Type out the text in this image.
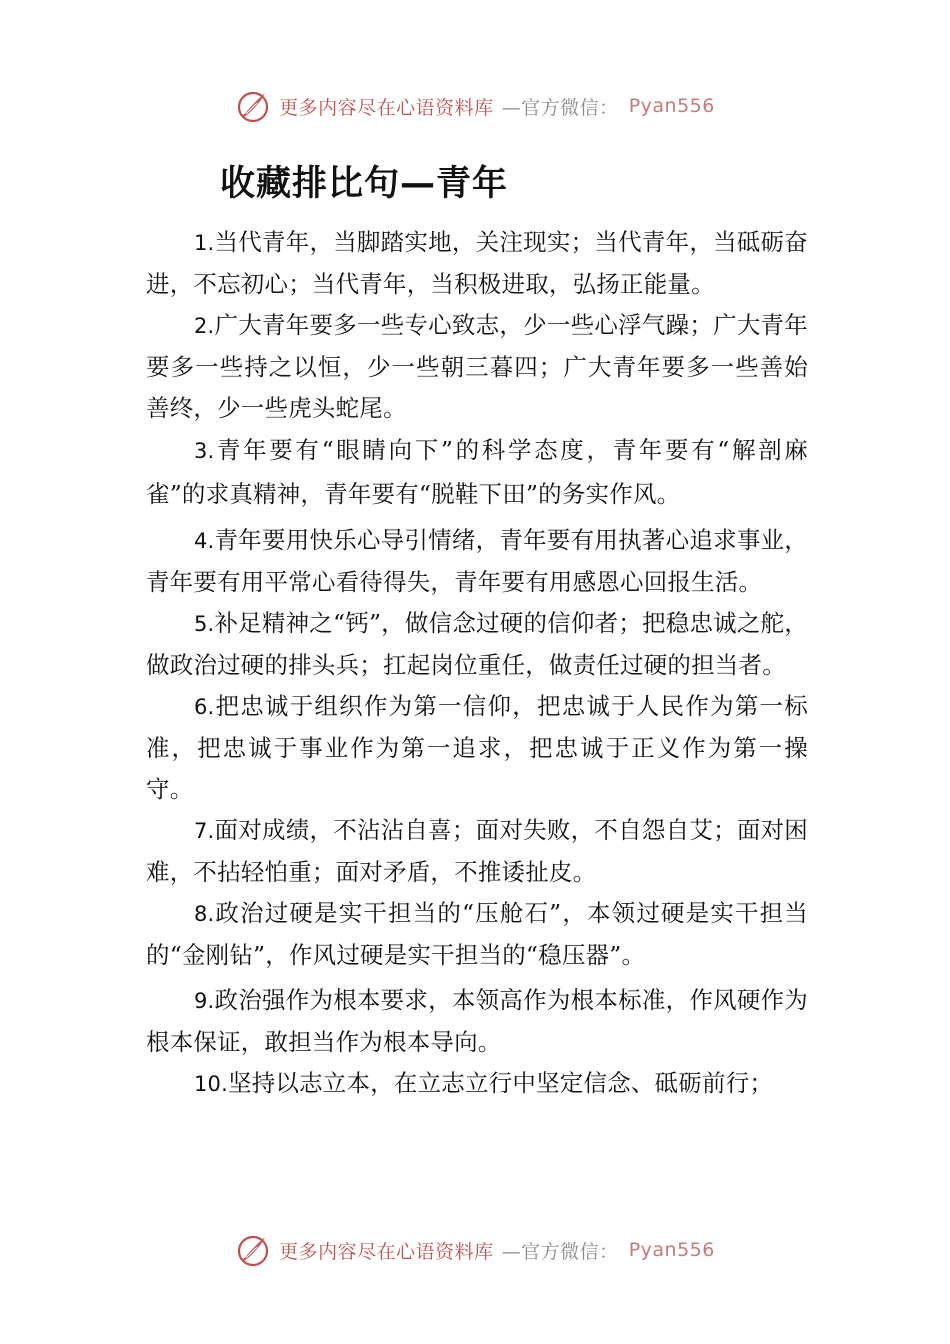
更多内容尽在心语资料库 —官方微信： Pyan556
收藏排比句—青年

1.当代青年，当脚踏实地，关注现实；当代青年，当砥砺奋进，不忘初心；当代青年，当积极进取，弘扬正能量。

2.广大青年要多一些专心致志，少一些心浮气躁；广大青年要多一些持之以恒，少一些朝三暮四；广大青年要多一些善始善终，少一些虎头蛇尾。

3.青年要有“眼睛向下”的科学态度，青年要有“解剖麻雀”的求真精神，青年要有“脱鞋下田”的务实作风。

4.青年要用快乐心导引情绪，青年要有用执著心追求事业，青年要有用平常心看待得失，青年要有用感恩心回报生活。

5.补足精神之“钙”，做信念过硬的信仰者；把稳忠诚之舵，做政治过硬的排头兵；扛起岗位重任，做责任过硬的担当者。

6.把忠诚于组织作为第一信仰，把忠诚于人民作为第一标准，把忠诚于事业作为第一追求，把忠诚于正义作为第一操守。

7.面对成绩，不沾沾自喜；面对失败，不自怨自艾；面对困难，不拈轻怕重；面对矛盾，不推诿扯皮。

8.政治过硬是实干担当的“压舱石”，本领过硬是实干担当的“金刚钻”，作风过硬是实干担当的“稳压器”。

9.政治强作为根本要求，本领高作为根本标准，作风硬作为根本保证，敢担当作为根本导向。

10.坚持以志立本，在立志立行中坚定信念、砥砺前行；

更多内容尽在心语资料库 —官方微信： Pyan556
